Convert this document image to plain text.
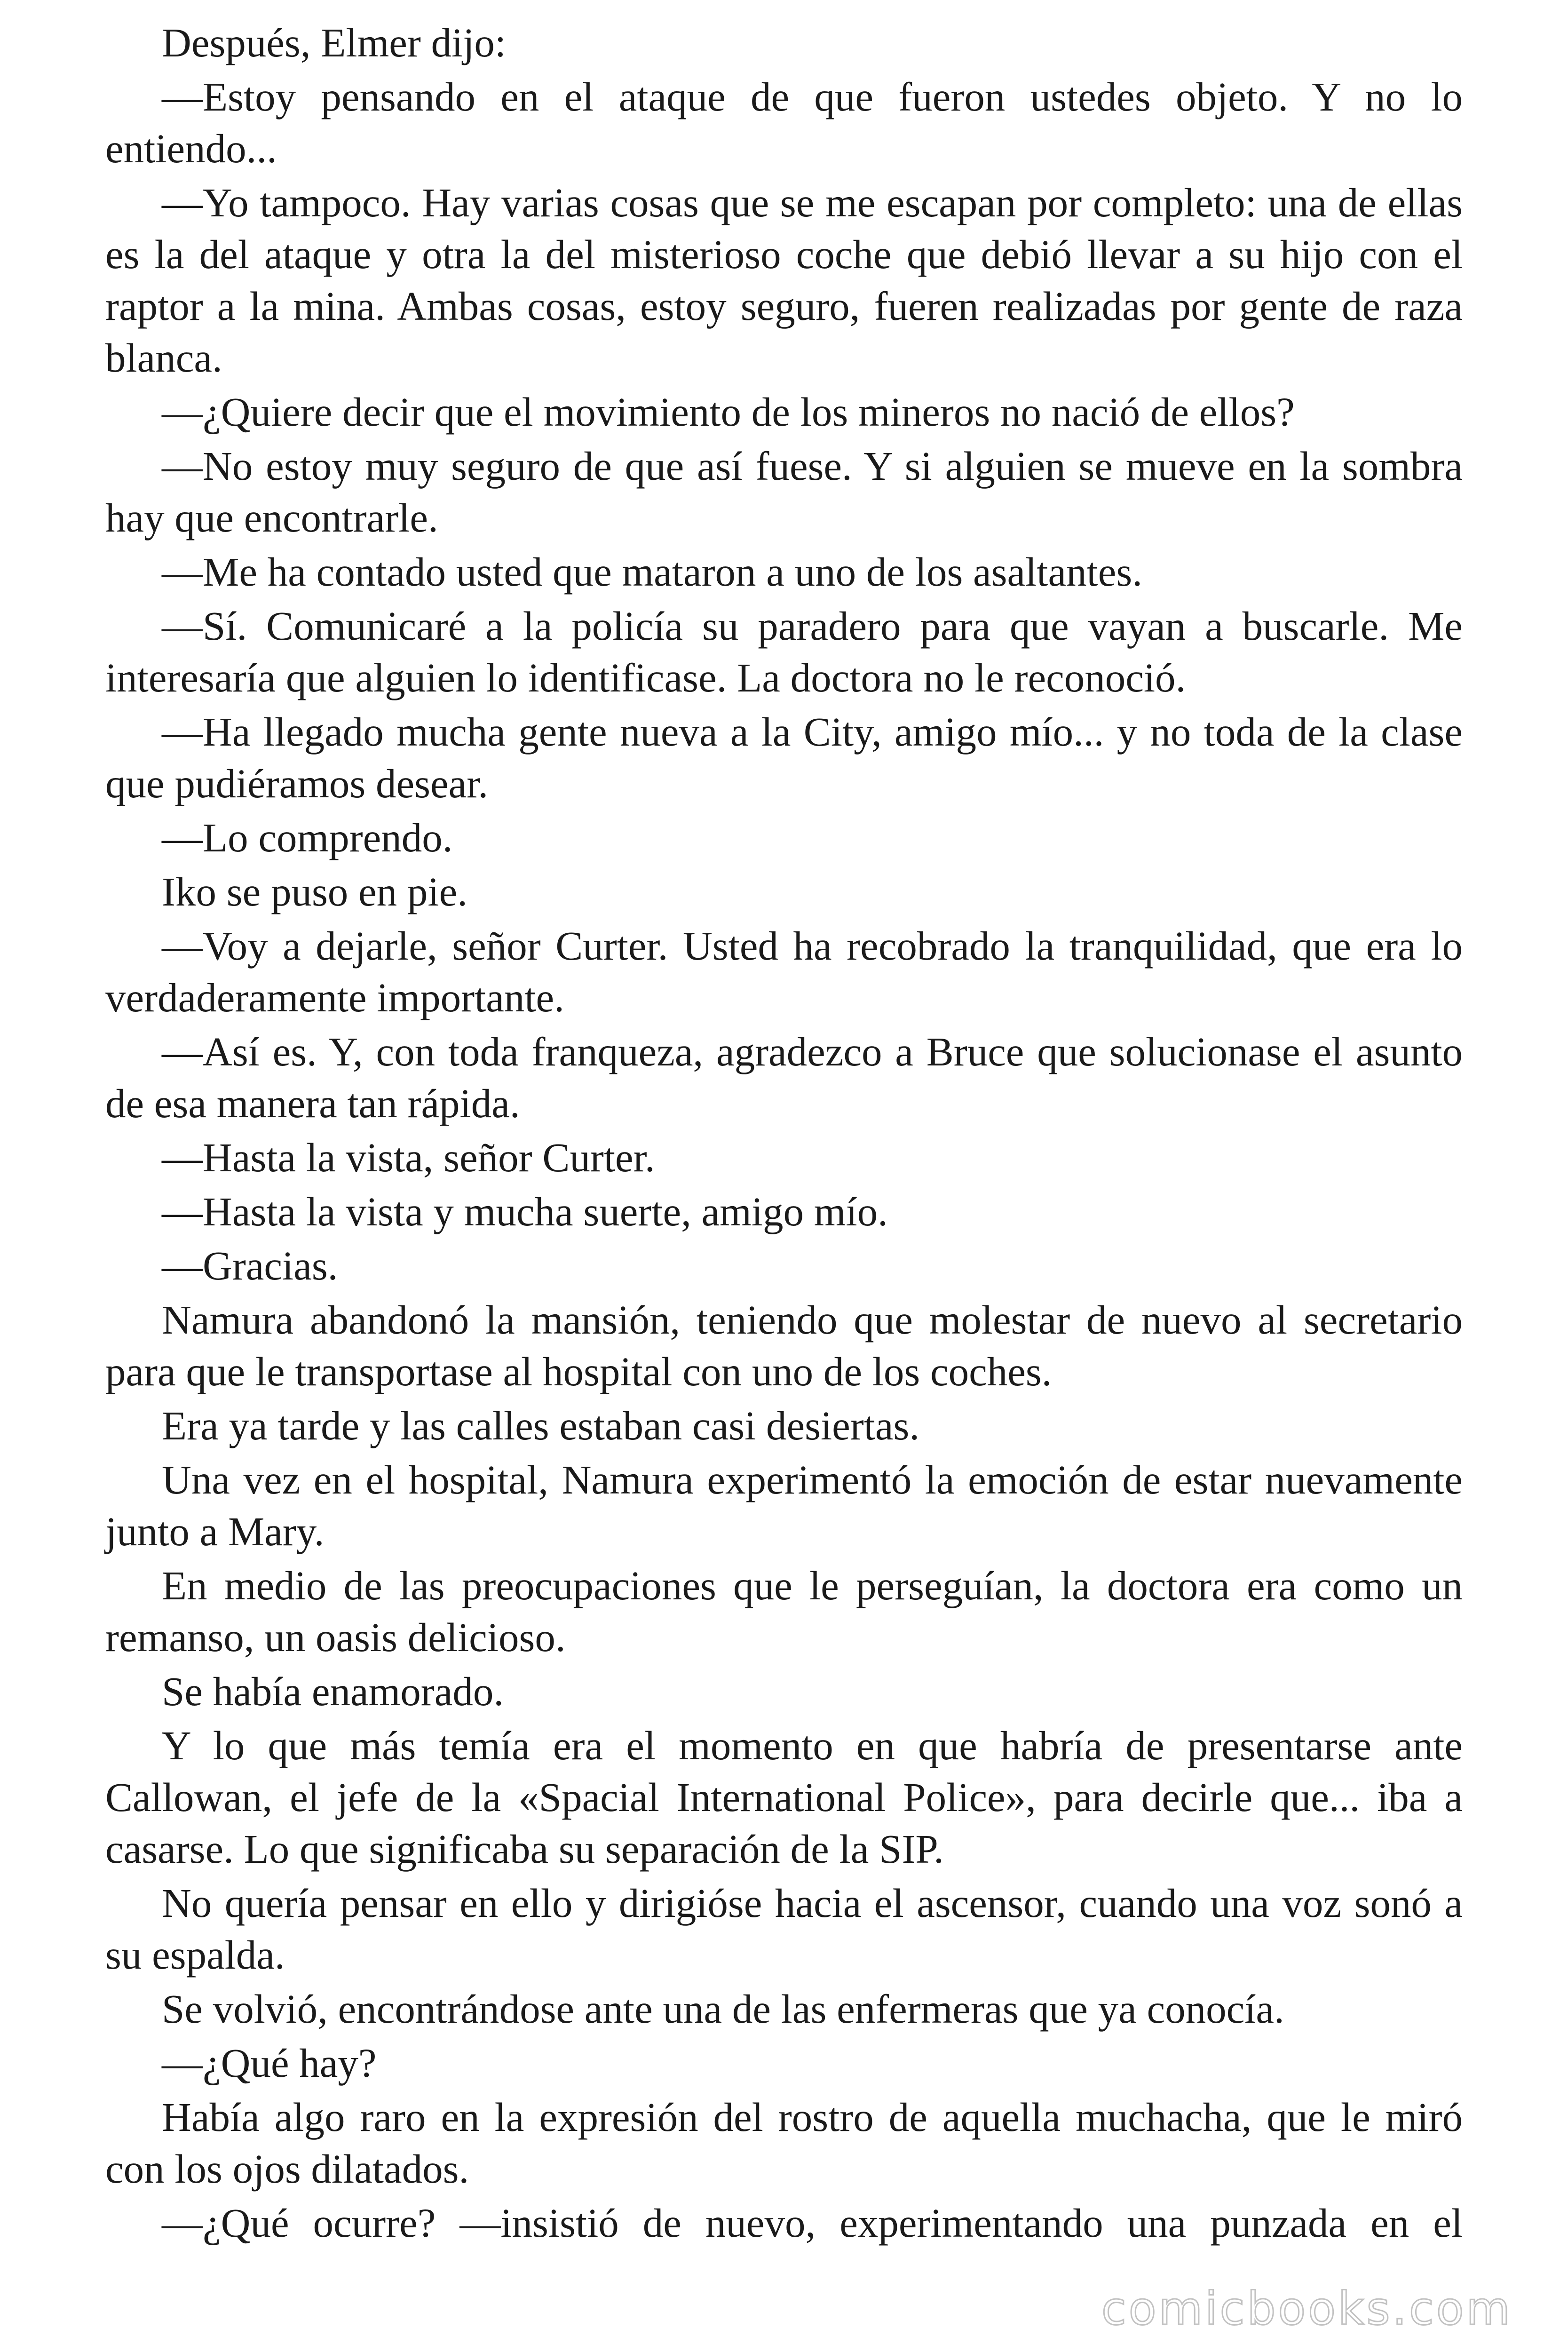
Después, Elmer dijo:

—Estoy pensando en el ataque de que fueron ustedes objeto. Y no lo entiendo...

—Yo tampoco. Hay varias cosas que se me escapan por completo: una de ellas es la del ataque y otra la del misterioso coche que debió llevar a su hijo con el raptor a la mina. Ambas cosas, estoy seguro, fueren realizadas por gente de raza blanca.

—¿Quiere decir que el movimiento de los mineros no nació de ellos?

—No estoy muy seguro de que así fuese. Y si alguien se mueve en la sombra hay que encontrarle.

—Me ha contado usted que mataron a uno de los asaltantes.

—Sí. Comunicaré a la policía su paradero para que vayan a buscarle. Me interesaría que alguien lo identificase. La doctora no le reconoció.

—Ha llegado mucha gente nueva a la City, amigo mío... y no toda de la clase que pudiéramos desear.

—Lo comprendo.

Iko se puso en pie.

—Voy a dejarle, señor Curter. Usted ha recobrado la tranquilidad, que era lo verdaderamente importante.

—Así es. Y, con toda franqueza, agradezco a Bruce que solucionase el asunto de esa manera tan rápida.

—Hasta la vista, señor Curter.

—Hasta la vista y mucha suerte, amigo mío.

—Gracias.

Namura abandonó la mansión, teniendo que molestar de nuevo al secretario para que le transportase al hospital con uno de los coches.

Era ya tarde y las calles estaban casi desiertas.

Una vez en el hospital, Namura experimentó la emoción de estar nuevamente junto a Mary.

En medio de las preocupaciones que le perseguían, la doctora era como un remanso, un oasis delicioso.

Se había enamorado.

Y lo que más temía era el momento en que habría de presentarse ante Callowan, el jefe de la «Spacial International Police», para decirle que... iba a casarse. Lo que significaba su separación de la SIP.

No quería pensar en ello y dirigióse hacia el ascensor, cuando una voz sonó a su espalda.

Se volvió, encontrándose ante una de las enfermeras que ya conocía.

—¿Qué hay?

Había algo raro en la expresión del rostro de aquella muchacha, que le miró con los ojos dilatados.

—¿Qué ocurre? —insistió de nuevo, experimentando una punzada en el

comicbooks.com
